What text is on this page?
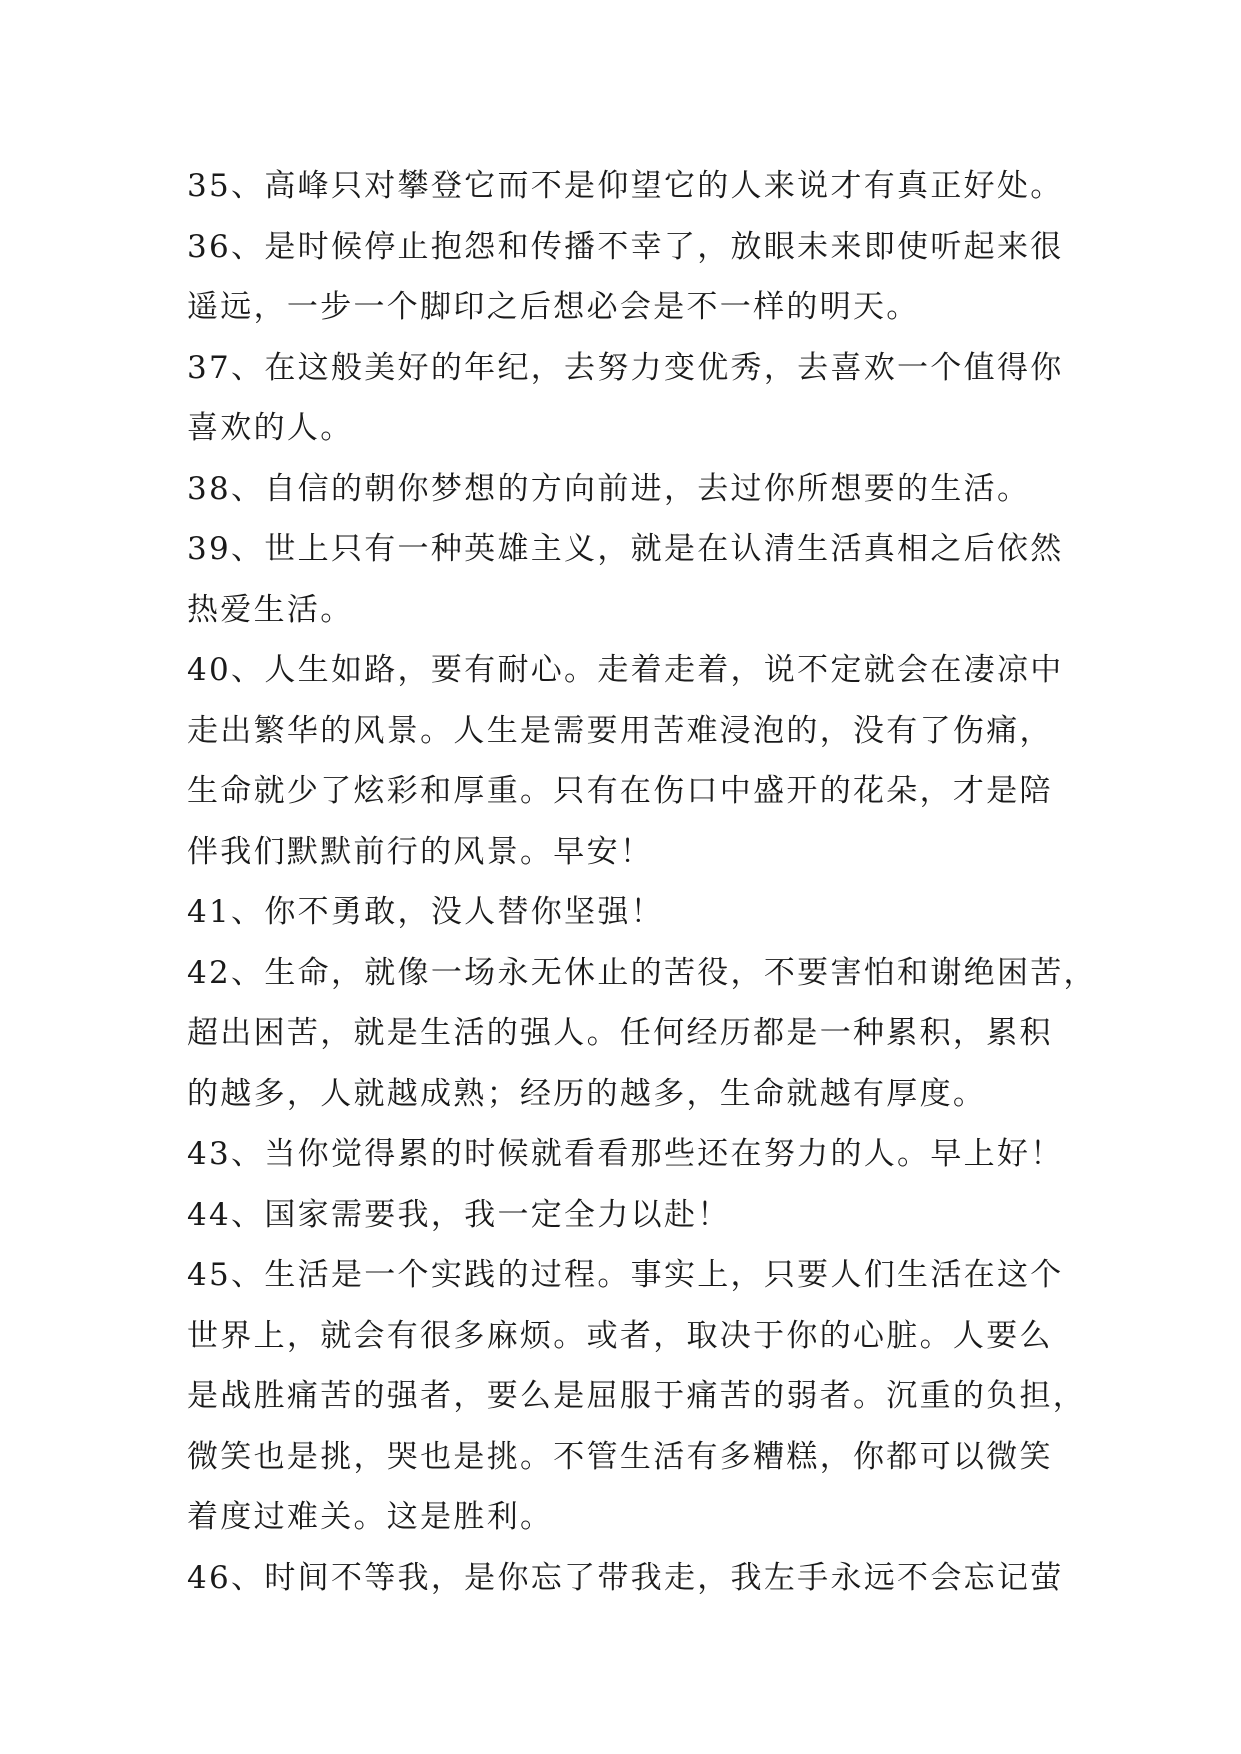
35、高峰只对攀登它而不是仰望它的人来说才有真正好处。
36、是时候停止抱怨和传播不幸了，放眼未来即使听起来很
遥远，一步一个脚印之后想必会是不一样的明天。
37、在这般美好的年纪，去努力变优秀，去喜欢一个值得你
喜欢的人。
38、自信的朝你梦想的方向前进，去过你所想要的生活。
39、世上只有一种英雄主义，就是在认清生活真相之后依然
热爱生活。
40、人生如路，要有耐心。走着走着，说不定就会在凄凉中
走出繁华的风景。人生是需要用苦难浸泡的，没有了伤痛，
生命就少了炫彩和厚重。只有在伤口中盛开的花朵，才是陪
伴我们默默前行的风景。早安！
41、你不勇敢，没人替你坚强！
42、生命，就像一场永无休止的苦役，不要害怕和谢绝困苦，
超出困苦，就是生活的强人。任何经历都是一种累积，累积
的越多，人就越成熟；经历的越多，生命就越有厚度。
43、当你觉得累的时候就看看那些还在努力的人。早上好！
44、国家需要我，我一定全力以赴！
45、生活是一个实践的过程。事实上，只要人们生活在这个
世界上，就会有很多麻烦。或者，取决于你的心脏。人要么
是战胜痛苦的强者，要么是屈服于痛苦的弱者。沉重的负担，
微笑也是挑，哭也是挑。不管生活有多糟糕，你都可以微笑
着度过难关。这是胜利。
46、时间不等我，是你忘了带我走，我左手永远不会忘记萤
